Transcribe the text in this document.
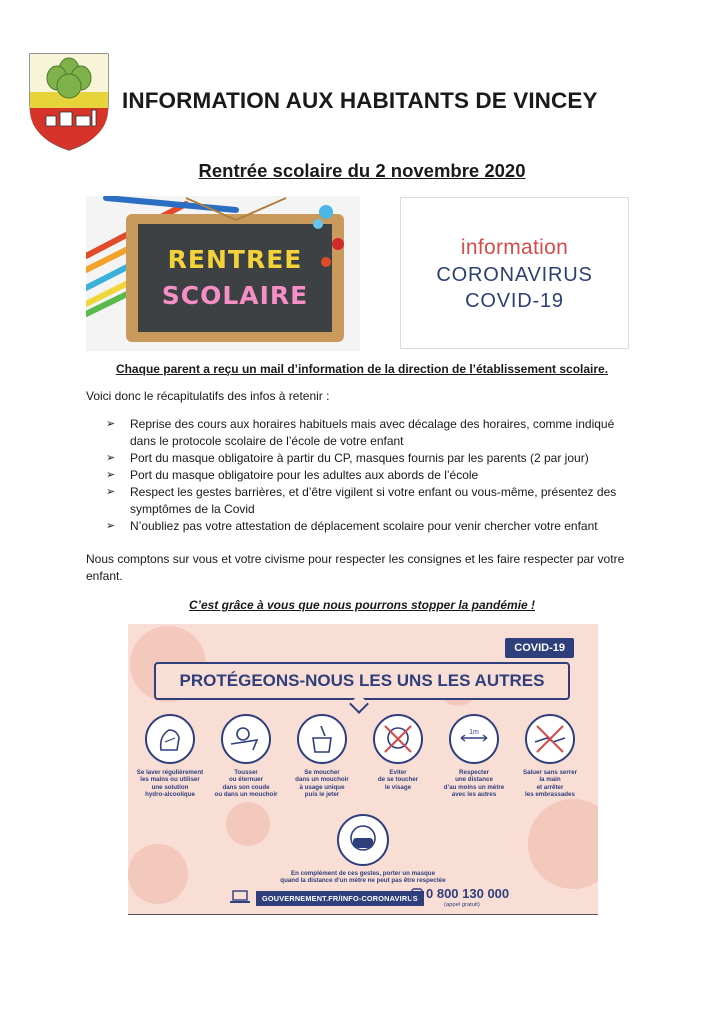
INFORMATION AUX HABITANTS DE VINCEY
Rentrée scolaire du 2 novembre 2020
RENTREE
SCOLAIRE
information
CORONAVIRUS
COVID-19
Chaque parent a reçu un mail d’information de la direction de l’établissement scolaire.
Voici donc le récapitulatifs des infos à retenir :
➢ Reprise des cours aux horaires habituels mais avec décalage des horaires, comme indiqué
dans le protocole scolaire de l’école de votre enfant
➢ Port du masque obligatoire à partir du CP, masques fournis par les parents (2 par jour)
➢ Port du masque obligatoire pour les adultes aux abords de l’école
➢ Respect les gestes barrières, et d’être vigilent si votre enfant ou vous-même, présentez des
symptômes de la Covid
➢ N’oubliez pas votre attestation de déplacement scolaire pour venir chercher votre enfant
Nous comptons sur vous et votre civisme pour respecter les consignes et les faire respecter par votre
enfant.
C’est grâce à vous que nous pourrons stopper la pandémie !
COVID-19
PROTÉGEONS-NOUS LES UNS LES AUTRES
Se laver régulièrement
les mains ou utiliser
une solution
hydro-alcoolique
Tousser
ou éternuer
dans son coude
ou dans un mouchoir
Se moucher
dans un mouchoir
à usage unique
puis le jeter
Eviter
de se toucher
le visage
1m
Respecter
une distance
d’au moins un mètre
avec les autres
Saluer sans serrer
la main
et arrêter
les embrassades
En complément de ces gestes, porter un masque
quand la distance d’un mètre ne peut pas être respectée
GOUVERNEMENT.FR/INFO-CORONAVIRUS 0 800 130 000
(appel gratuit)
